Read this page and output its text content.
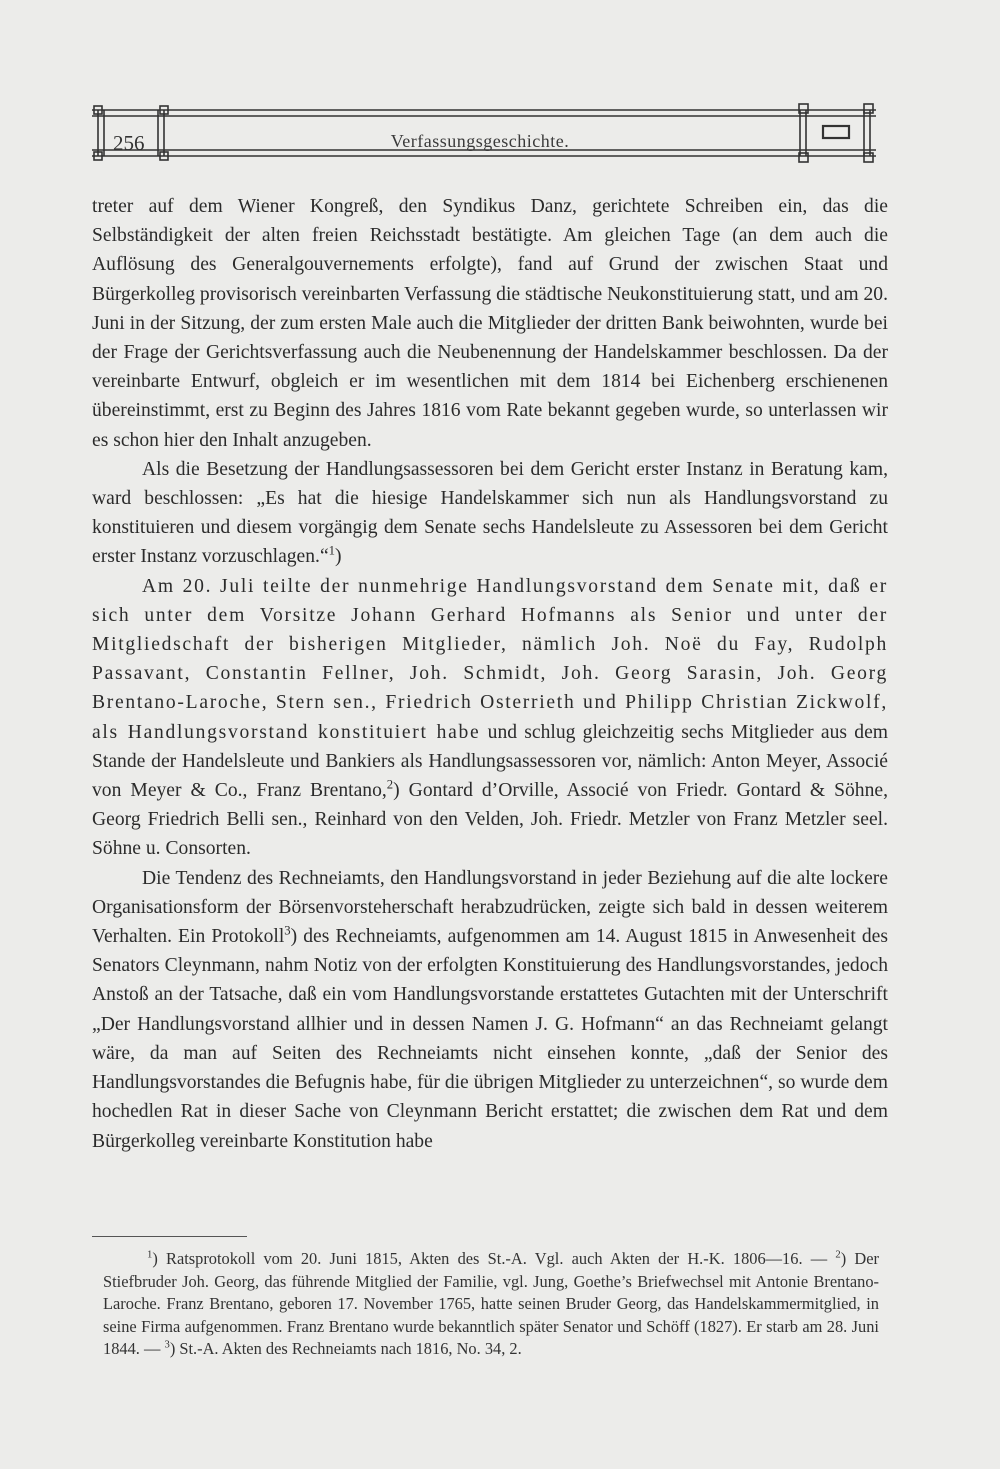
256	Verfassungsgeschichte.

treter auf dem Wiener Kongreß, den Syndikus Danz, gerichtete Schreiben ein, das die Selbständigkeit der alten freien Reichsstadt bestätigte. Am gleichen Tage (an dem auch die Auflösung des Generalgouvernements erfolgte), fand auf Grund der zwischen Staat und Bürgerkolleg provisorisch vereinbarten Verfassung die städtische Neukonstituierung statt, und am 20. Juni in der Sitzung, der zum ersten Male auch die Mitglieder der dritten Bank beiwohnten, wurde bei der Frage der Gerichtsverfassung auch die Neubenennung der Handelskammer beschlossen. Da der vereinbarte Entwurf, obgleich er im wesentlichen mit dem 1814 bei Eichenberg erschienenen übereinstimmt, erst zu Beginn des Jahres 1816 vom Rate bekannt gegeben wurde, so unterlassen wir es schon hier den Inhalt anzugeben.

Als die Besetzung der Handlungsassessoren bei dem Gericht erster Instanz in Beratung kam, ward beschlossen: „Es hat die hiesige Handelskammer sich nun als Handlungsvorstand zu konstituieren und diesem vorgängig dem Senate sechs Handelsleute zu Assessoren bei dem Gericht erster Instanz vorzuschlagen.“$^1$)

Am 20. Juli teilte der nunmehrige Handlungsvorstand dem Senate mit, daß er sich unter dem Vorsitze Johann Gerhard Hofmanns als Senior und unter der Mitgliedschaft der bisherigen Mitglieder, nämlich Joh. Noë du Fay, Rudolph Passavant, Constantin Fellner, Joh. Schmidt, Joh. Georg Sarasin, Joh. Georg Brentano-Laroche, Stern sen., Friedrich Osterrieth und Philipp Christian Zickwolf, als Handlungsvorstand konstituiert habe und schlug gleichzeitig sechs Mitglieder aus dem Stande der Handelsleute und Bankiers als Handlungsassessoren vor, nämlich: Anton Meyer, Associé von Meyer & Co., Franz Brentano,$^2$) Gontard d’Orville, Associé von Friedr. Gontard & Söhne, Georg Friedrich Belli sen., Reinhard von den Velden, Joh. Friedr. Metzler von Franz Metzler seel. Söhne u. Consorten.

Die Tendenz des Rechneiamts, den Handlungsvorstand in jeder Beziehung auf die alte lockere Organisationsform der Börsenvorsteherschaft herabzudrücken, zeigte sich bald in dessen weiterem Verhalten. Ein Protokoll$^3$) des Rechneiamts, aufgenommen am 14. August 1815 in Anwesenheit des Senators Cleynmann, nahm Notiz von der erfolgten Konstituierung des Handlungsvorstandes, jedoch Anstoß an der Tatsache, daß ein vom Handlungsvorstande erstattetes Gutachten mit der Unterschrift „Der Handlungsvorstand allhier und in dessen Namen J. G. Hofmann“ an das Rechneiamt gelangt wäre, da man auf Seiten des Rechneiamts nicht einsehen konnte, „daß der Senior des Handlungsvorstandes die Befugnis habe, für die übrigen Mitglieder zu unterzeichnen“, so wurde dem hochedlen Rat in dieser Sache von Cleynmann Bericht erstattet; die zwischen dem Rat und dem Bürgerkolleg vereinbarte Konstitution habe

$^1$) Ratsprotokoll vom 20. Juni 1815, Akten des St.-A. Vgl. auch Akten der H.-K. 1806—16. — $^2$) Der Stiefbruder Joh. Georg, das führende Mitglied der Familie, vgl. Jung, Goethe’s Briefwechsel mit Antonie Brentano-Laroche. Franz Brentano, geboren 17. November 1765, hatte seinen Bruder Georg, das Handelskammermitglied, in seine Firma aufgenommen. Franz Brentano wurde bekanntlich später Senator und Schöff (1827). Er starb am 28. Juni 1844. — $^3$) St.-A. Akten des Rechneiamts nach 1816, No. 34, 2.
